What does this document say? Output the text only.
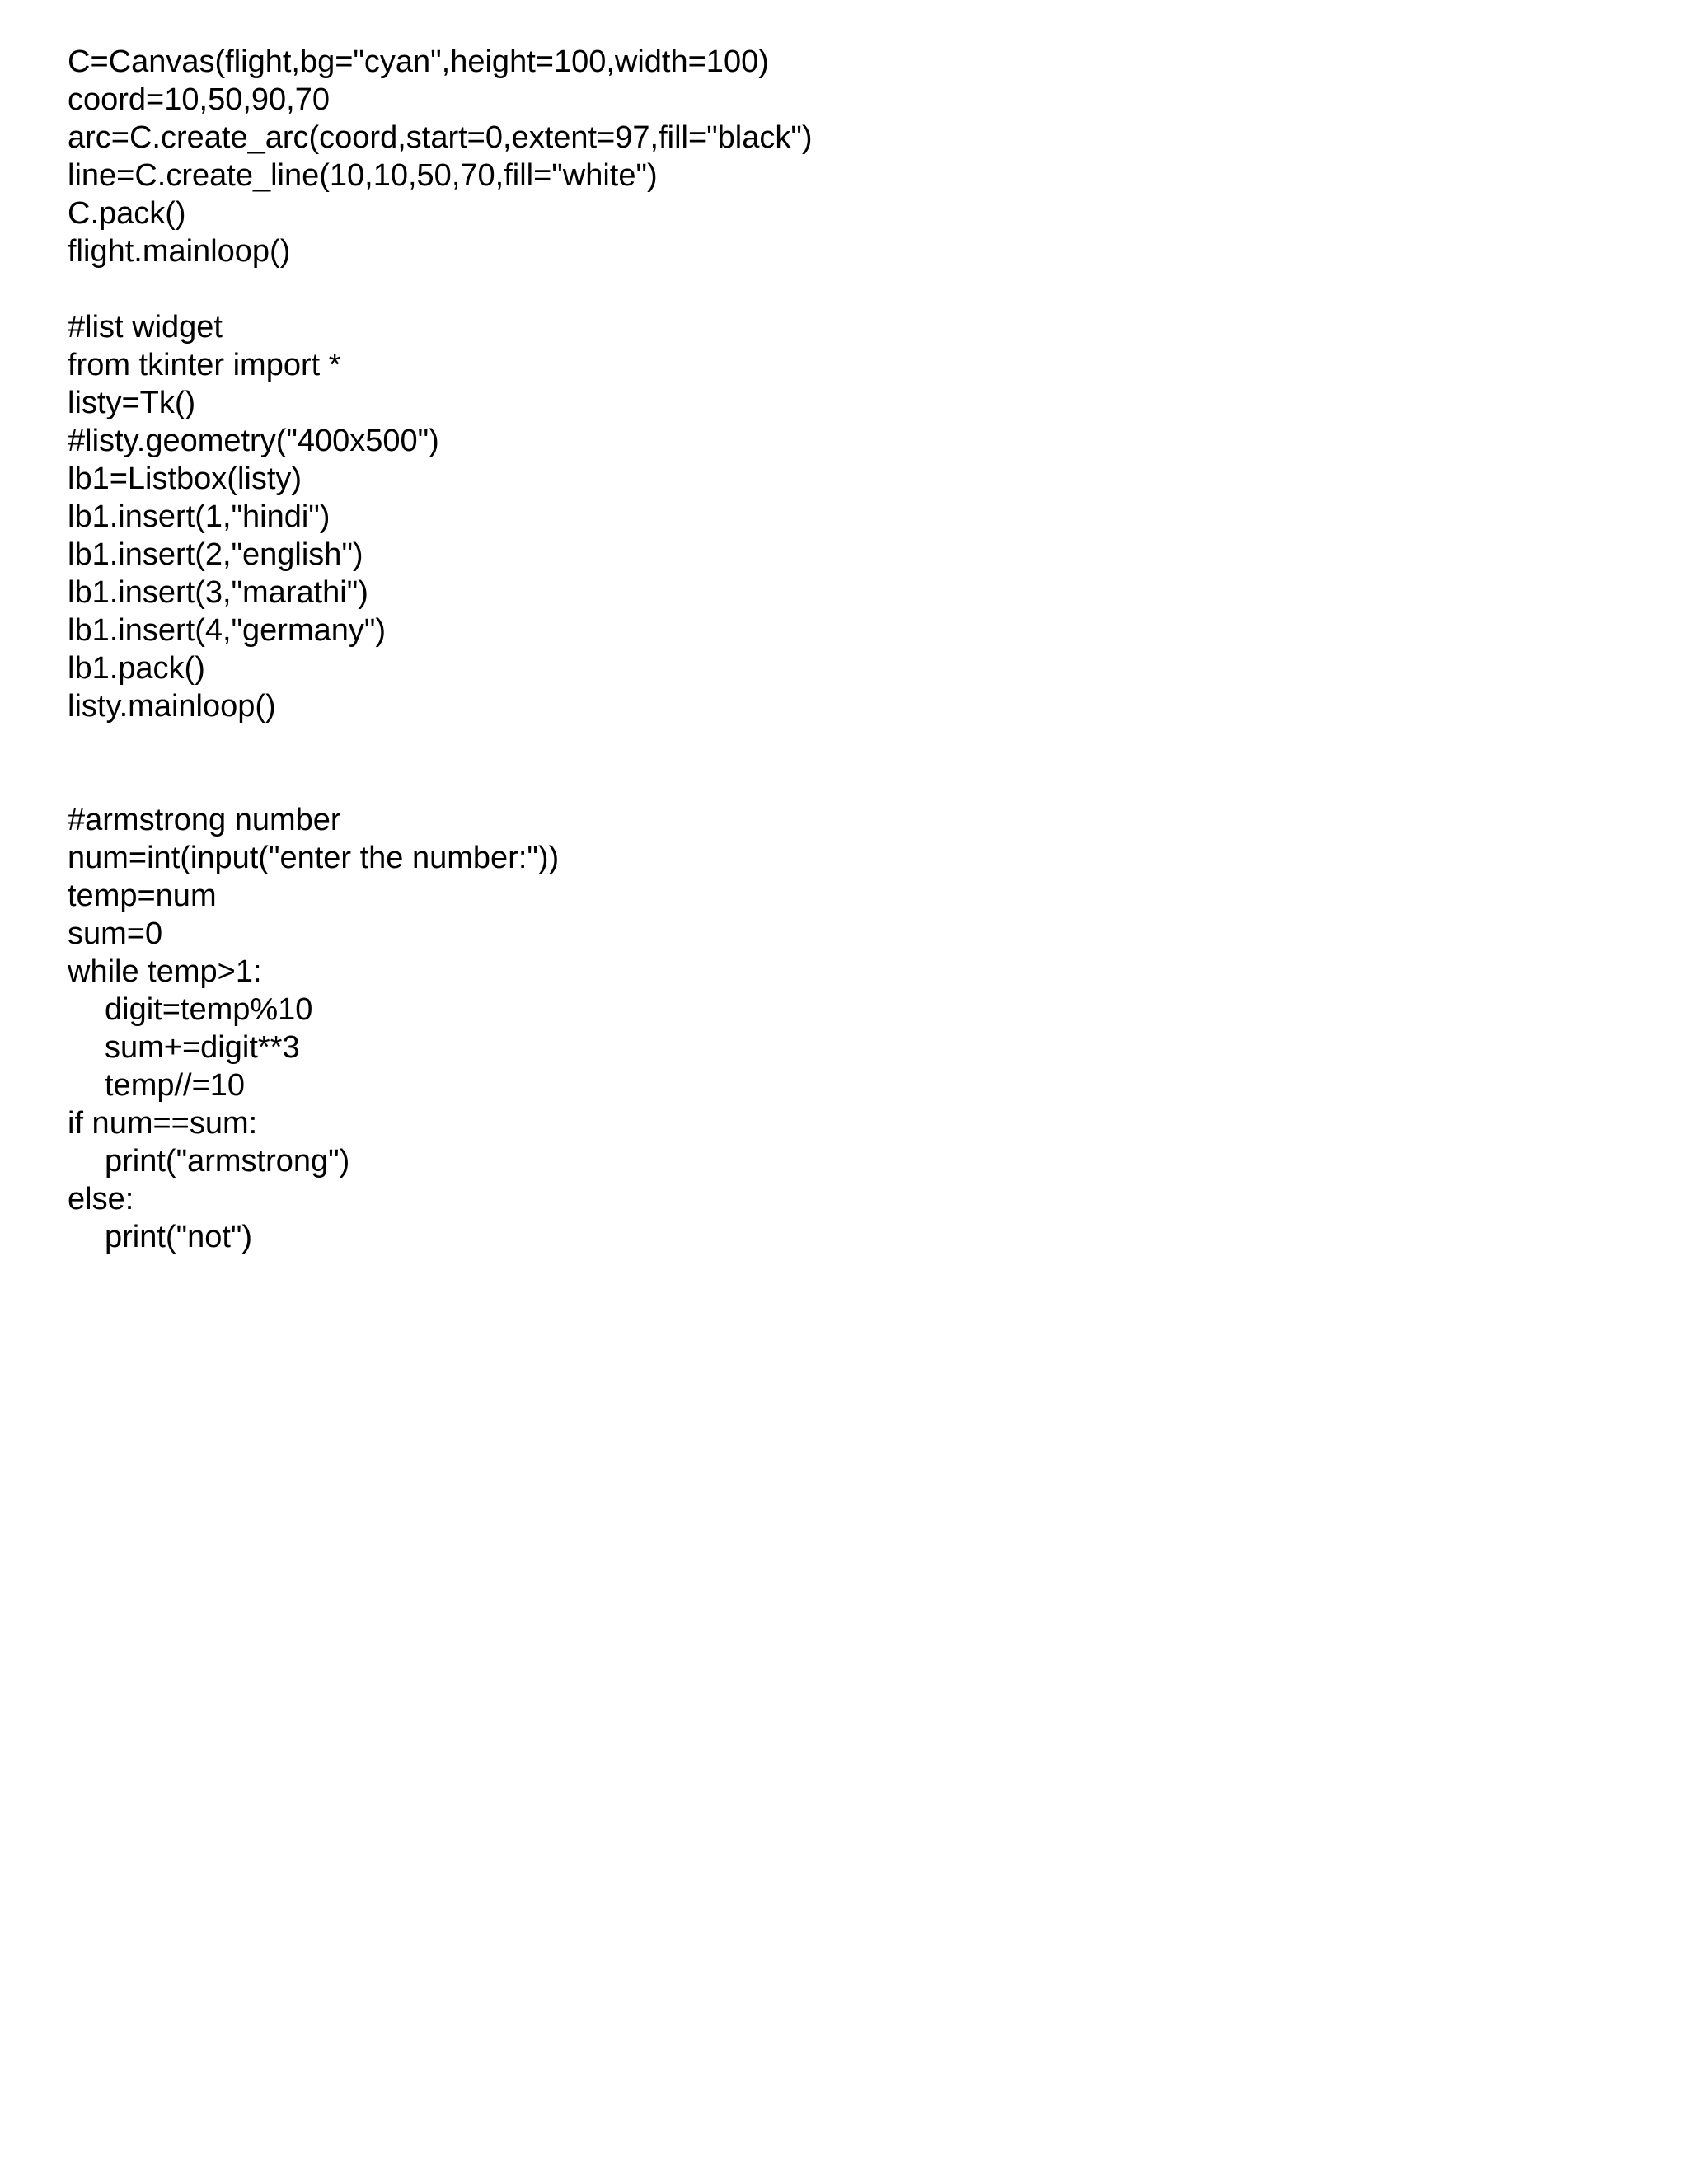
C=Canvas(flight,bg="cyan",height=100,width=100)
coord=10,50,90,70
arc=C.create_arc(coord,start=0,extent=97,fill="black")
line=C.create_line(10,10,50,70,fill="white")
C.pack()
flight.mainloop()
#list widget
from tkinter import *
listy=Tk()
#listy.geometry("400x500")
lb1=Listbox(listy)
lb1.insert(1,"hindi")
lb1.insert(2,"english")
lb1.insert(3,"marathi")
lb1.insert(4,"germany")
lb1.pack()
listy.mainloop()
#armstrong number
num=int(input("enter the number:"))
temp=num
sum=0
while temp>1:
digit=temp%10
sum+=digit**3
temp//=10
if num==sum:
print("armstrong")
else:
print("not")
